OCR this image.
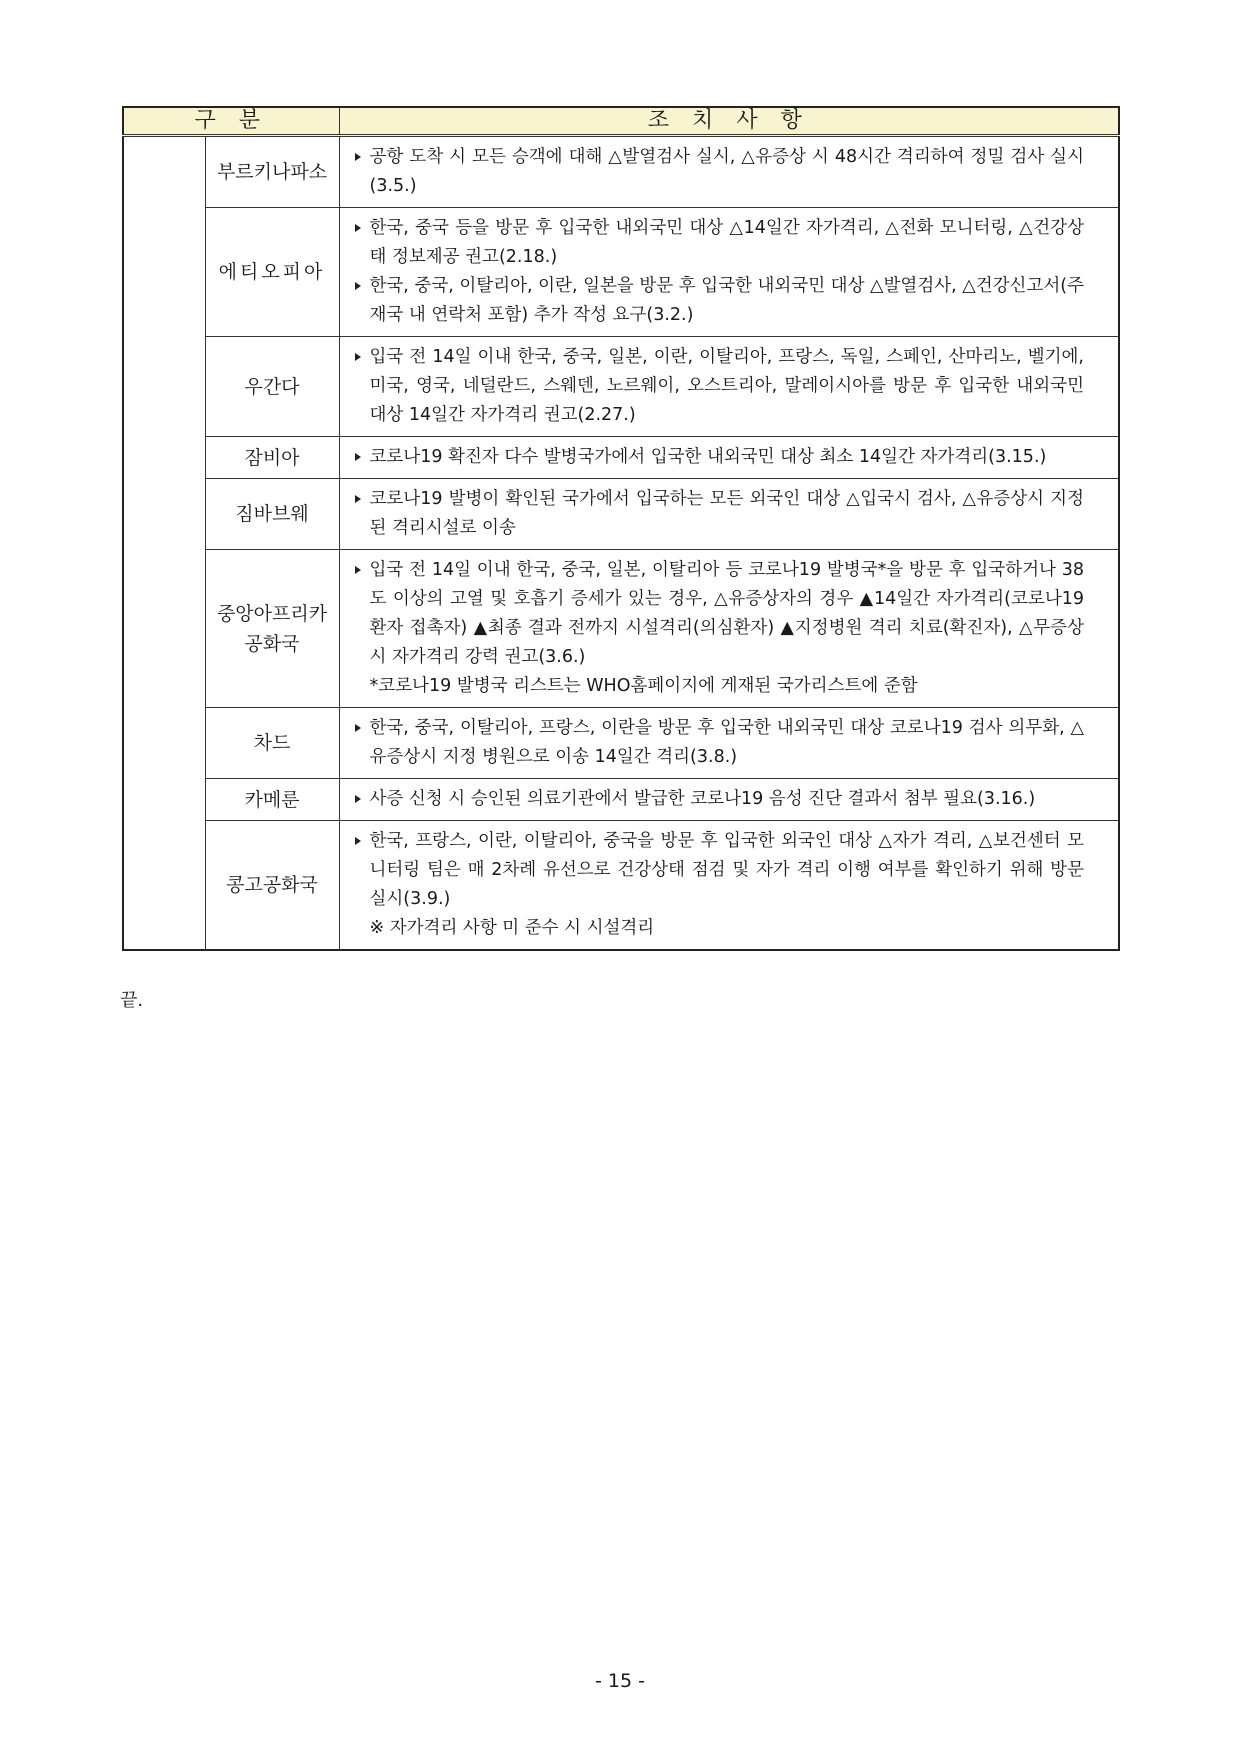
구 분		조 치 사 항
	부르키나파소	공항 도착 시 모든 승객에 대해 △발열검사 실시, △유증상 시 48시간 격리하여 정밀 검사 실시(3.5.)

	에티오피아	한국, 중국 등을 방문 후 입국한 내외국민 대상 △14일간 자가격리, △전화 모니터링, △건강상태 정보제공 권고(2.18.)
한국, 중국, 이탈리아, 이란, 일본을 방문 후 입국한 내외국민 대상 △발열검사, △건강신고서(주재국 내 연락처 포함) 추가 작성 요구(3.2.)

	우간다	입국 전 14일 이내 한국, 중국, 일본, 이란, 이탈리아, 프랑스, 독일, 스페인, 산마리노, 벨기에, 미국, 영국, 네덜란드, 스웨덴, 노르웨이, 오스트리아, 말레이시아를 방문 후 입국한 내외국민 대상 14일간 자가격리 권고(2.27.)

	잠비아	코로나19 확진자 다수 발병국가에서 입국한 내외국민 대상 최소 14일간 자가격리(3.15.)

	짐바브웨	코로나19 발병이 확인된 국가에서 입국하는 모든 외국인 대상 △입국시 검사, △유증상시 지정된 격리시설로 이송

	중앙아프리카 공화국	입국 전 14일 이내 한국, 중국, 일본, 이탈리아 등 코로나19 발병국*을 방문 후 입국하거나 38도 이상의 고열 및 호흡기 증세가 있는 경우, △유증상자의 경우 ▲14일간 자가격리(코로나19 환자 접촉자) ▲최종 결과 전까지 시설격리(의심환자) ▲지정병원 격리 치료(확진자), △무증상시 자가격리 강력 권고(3.6.)
*코로나19 발병국 리스트는 WHO홈페이지에 게재된 국가리스트에 준함

	차드	한국, 중국, 이탈리아, 프랑스, 이란을 방문 후 입국한 내외국민 대상 코로나19 검사 의무화, △유증상시 지정 병원으로 이송 14일간 격리(3.8.)

	카메룬	사증 신청 시 승인된 의료기관에서 발급한 코로나19 음성 진단 결과서 첨부 필요(3.16.)

	콩고공화국	한국, 프랑스, 이란, 이탈리아, 중국을 방문 후 입국한 외국인 대상 △자가 격리, △보건센터 모니터링 팀은 매 2차례 유선으로 건강상태 점검 및 자가 격리 이행 여부를 확인하기 위해 방문 실시(3.9.)
※ 자가격리 사항 미 준수 시 시설격리
끝.
- 15 -
